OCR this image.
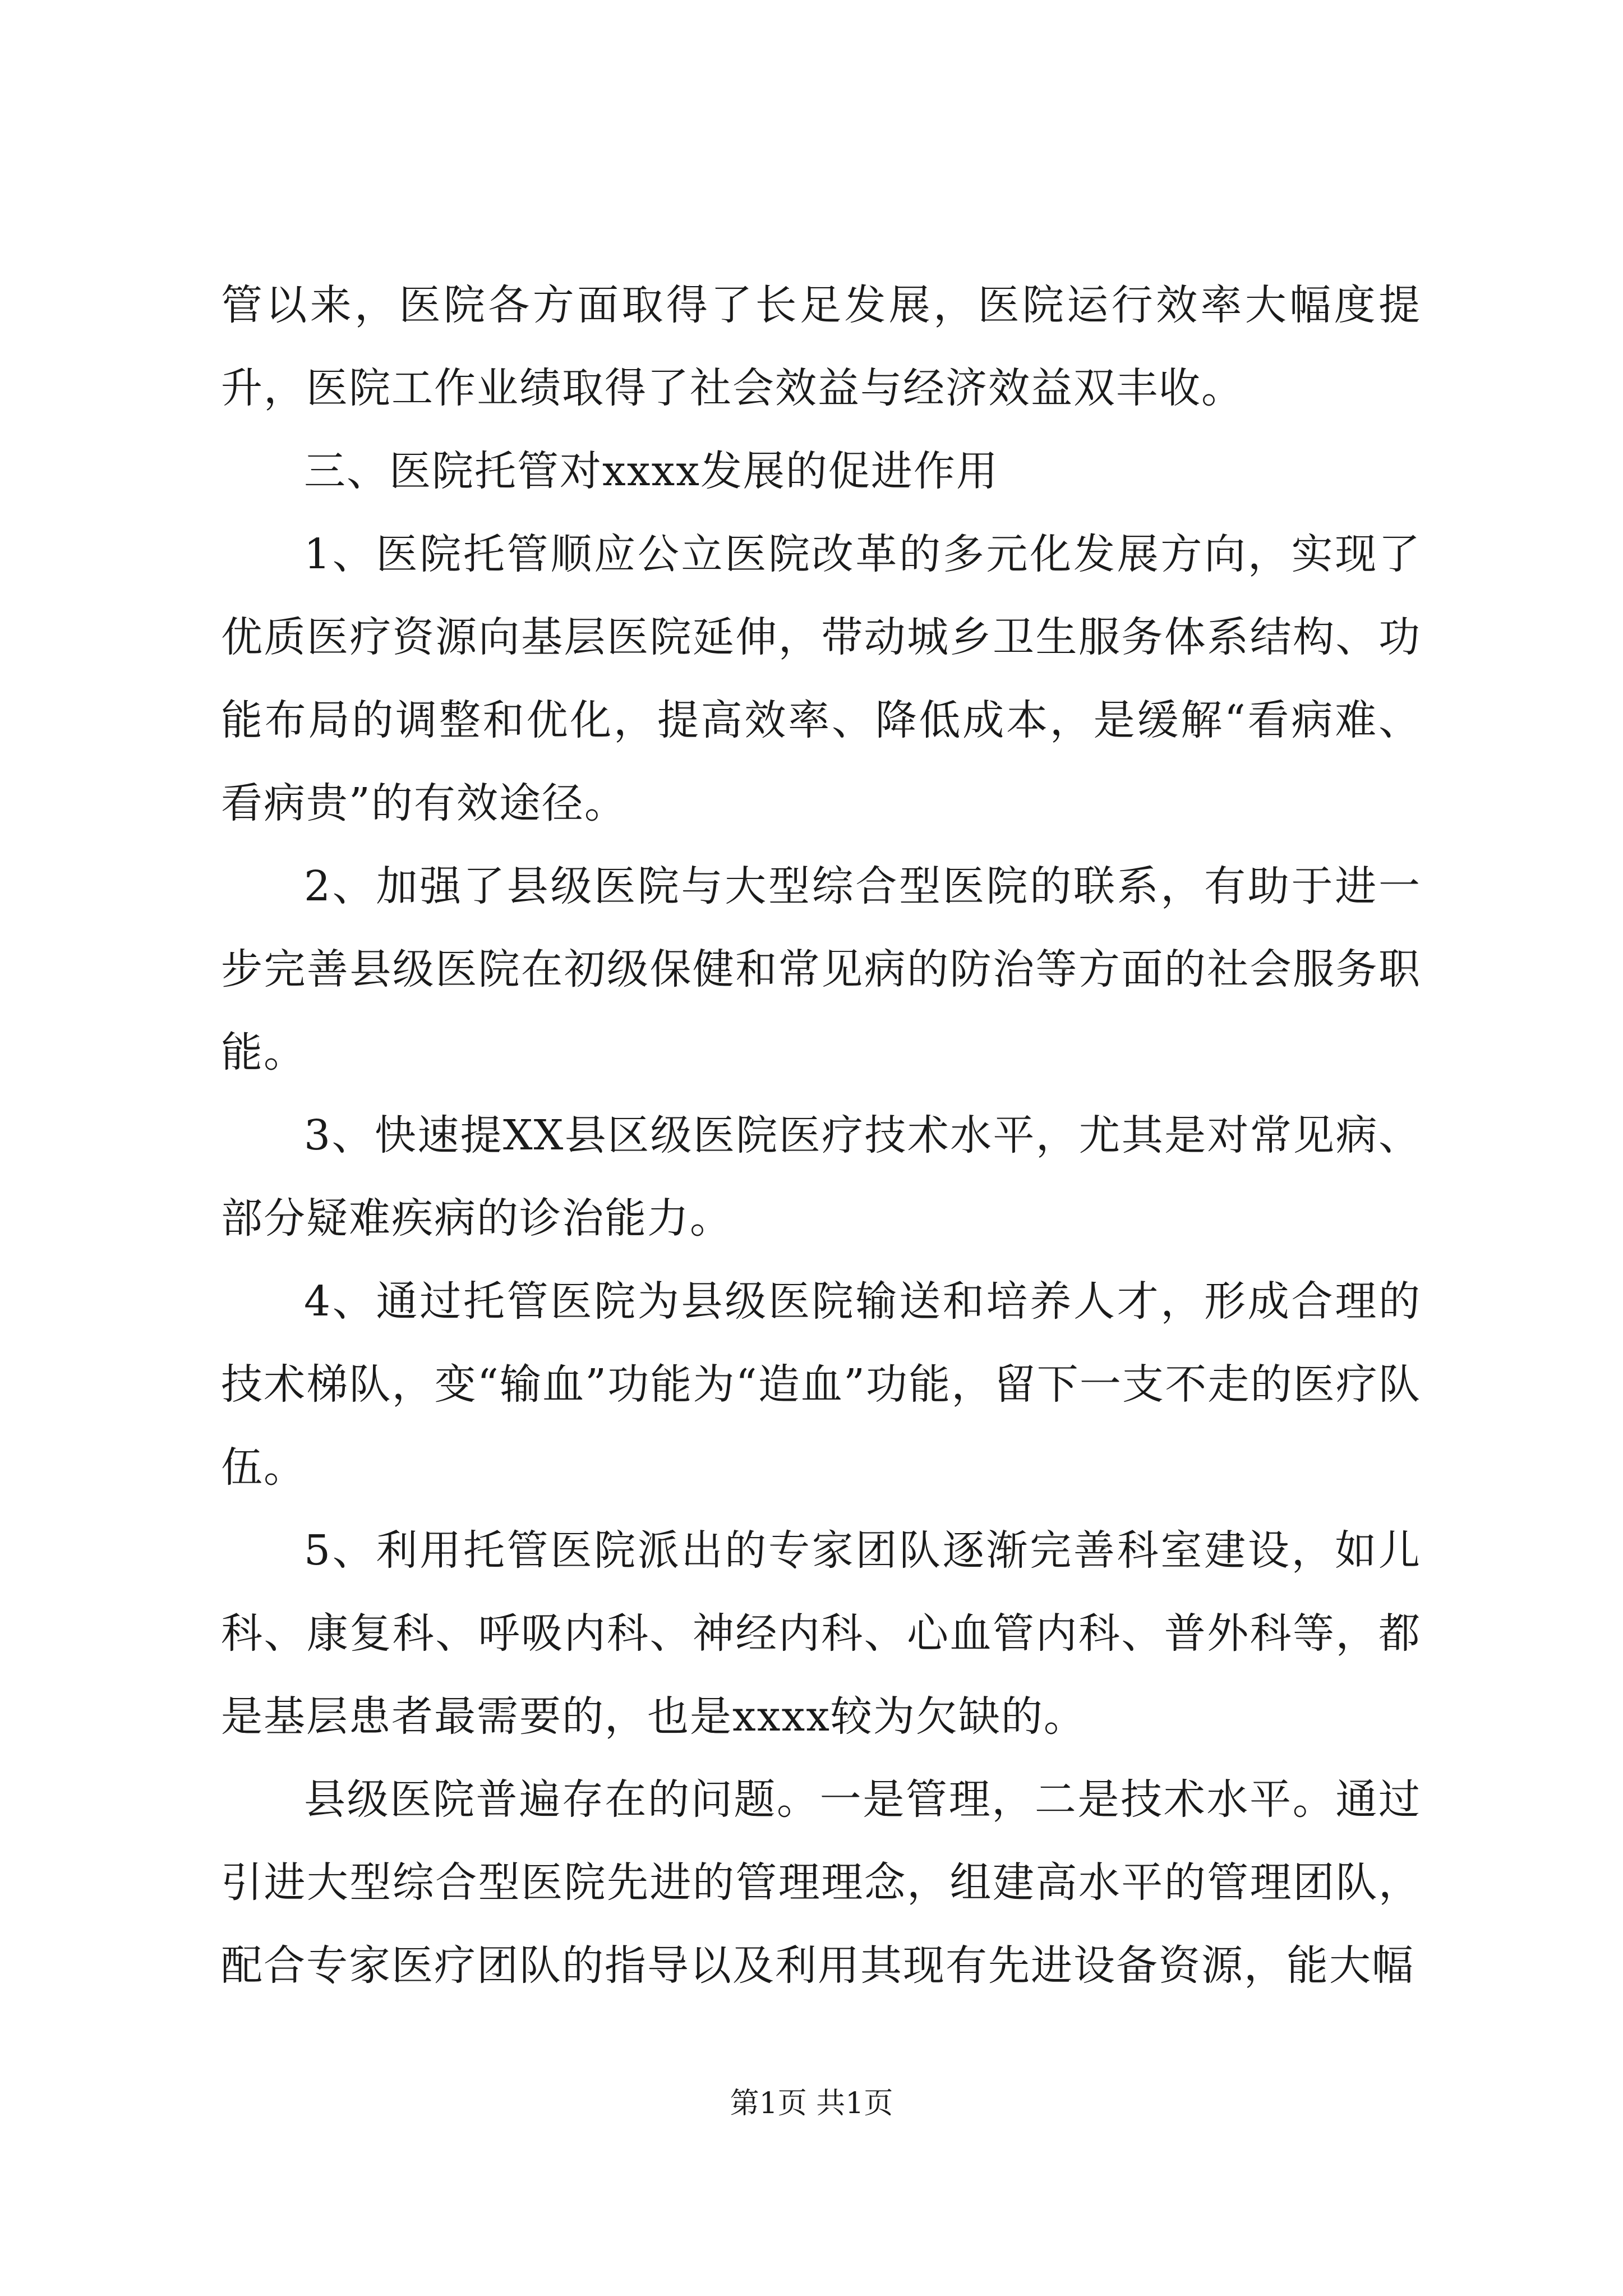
管以来，医院各方面取得了长足发展，医院运行效率大幅度提升，医院工作业绩取得了社会效益与经济效益双丰收。

三、医院托管对xxxx发展的促进作用

1、医院托管顺应公立医院改革的多元化发展方向，实现了优质医疗资源向基层医院延伸，带动城乡卫生服务体系结构、功能布局的调整和优化，提高效率、降低成本，是缓解“看病难、看病贵”的有效途径。

2、加强了县级医院与大型综合型医院的联系，有助于进一步完善县级医院在初级保健和常见病的防治等方面的社会服务职能。

3、快速提XX县区级医院医疗技术水平，尤其是对常见病、部分疑难疾病的诊治能力。

4、通过托管医院为县级医院输送和培养人才，形成合理的技术梯队，变“输血”功能为“造血”功能，留下一支不走的医疗队伍。

5、利用托管医院派出的专家团队逐渐完善科室建设，如儿科、康复科、呼吸内科、神经内科、心血管内科、普外科等，都是基层患者最需要的，也是xxxx较为欠缺的。

县级医院普遍存在的问题。一是管理，二是技术水平。通过引进大型综合型医院先进的管理理念，组建高水平的管理团队，配合专家医疗团队的指导以及利用其现有先进设备资源，能大幅

第1页 共1页
